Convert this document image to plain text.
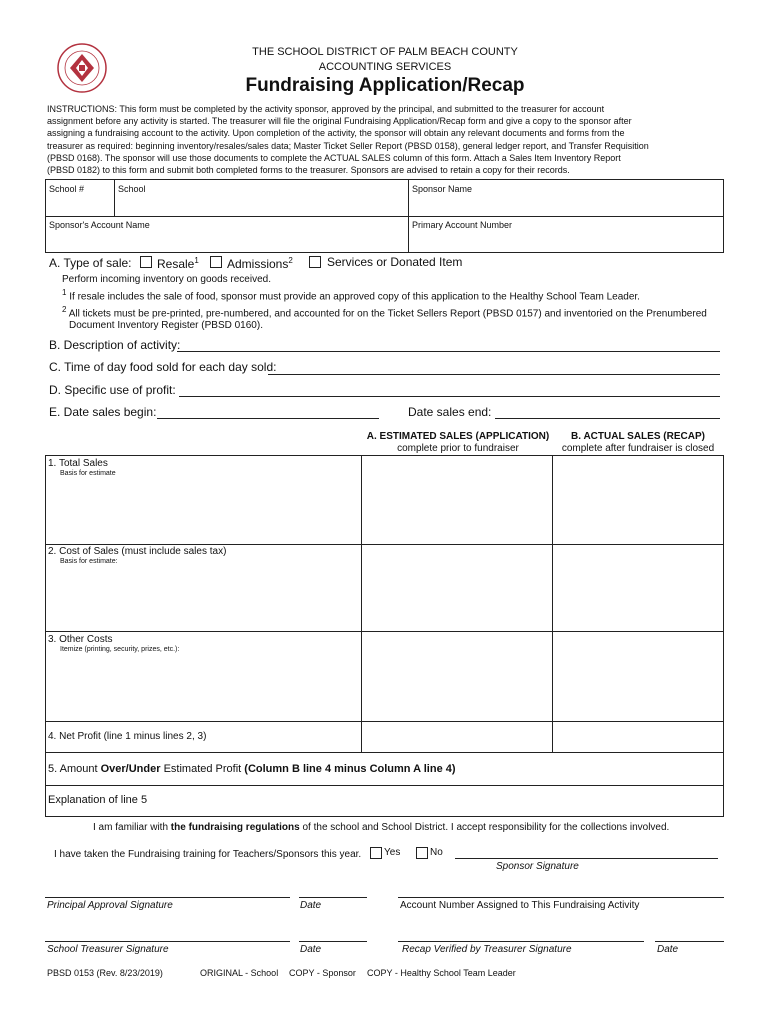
THE SCHOOL DISTRICT OF PALM BEACH COUNTY
ACCOUNTING SERVICES
Fundraising Application/Recap
INSTRUCTIONS: This form must be completed by the activity sponsor, approved by the principal, and submitted to the treasurer for account
assignment before any activity is started. The treasurer will file the original Fundraising Application/Recap form and give a copy to the sponsor after
assigning a fundraising account to the activity. Upon completion of the activity, the sponsor will obtain any relevant documents and forms from the
treasurer as required: beginning inventory/resales/sales data; Master Ticket Seller Report (PBSD 0158), general ledger report, and Transfer Requisition
(PBSD 0168). The sponsor will use those documents to complete the ACTUAL SALES column of this form. Attach a Sales Item Inventory Report
(PBSD 0182) to this form and submit both completed forms to the treasurer. Sponsors are advised to retain a copy for their records.
School #	School	Sponsor Name
Sponsor's Account Name	Primary Account Number
A. Type of sale: Resale$^1$ Admissions$^2$	Services or Donated Item
Perform incoming inventory on goods received.
$^1$ If resale includes the sale of food, sponsor must provide an approved copy of this application to the Healthy School Team Leader.
$^2$ All tickets must be pre-printed, pre-numbered, and accounted for on the Ticket Sellers Report (PBSD 0157) and inventoried on the Prenumbered
Document Inventory Register (PBSD 0160).
B. Description of activity:
C. Time of day food sold for each day sold:
D. Specific use of profit:
E. Date sales begin:	Date sales end:
A. ESTIMATED SALES (APPLICATION)
complete prior to fundraiser
B. ACTUAL SALES (RECAP)
complete after fundraiser is closed
1. Total Sales
Basis for estimate
2. Cost of Sales (must include sales tax)
Basis for estimate:
3. Other Costs
Itemize (printing, security, prizes, etc.):
4. Net Profit (line 1 minus lines 2, 3)
5. Amount Over/Under Estimated Profit (Column B line 4 minus Column A line 4)
Explanation of line 5
I am familiar with the fundraising regulations of the school and School District. I accept responsibility for the collections involved.
I have taken the Fundraising training for Teachers/Sponsors this year. Yes	No
Sponsor Signature
Principal Approval Signature	Date	Account Number Assigned to This Fundraising Activity
School Treasurer Signature	Date	Recap Verified by Treasurer Signature	Date
PBSD 0153 (Rev. 8/23/2019)	ORIGINAL - School COPY - Sponsor COPY - Healthy School Team Leader
